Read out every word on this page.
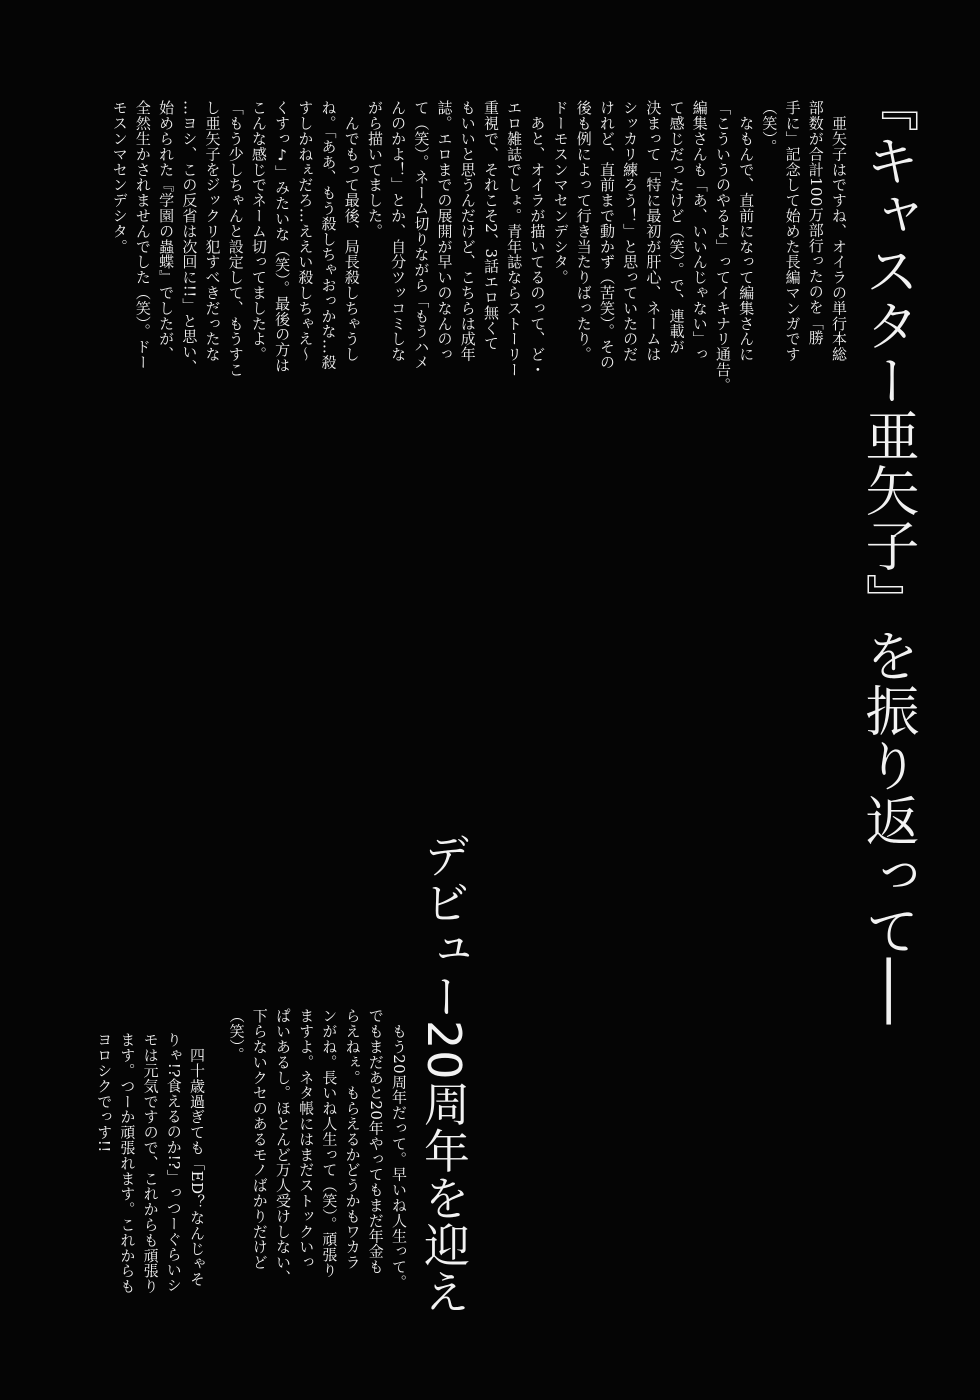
『キャスター亜矢子』を振り返って──
　亜矢子はですね、オイラの単行本総
部数が合計100万部行ったのを「勝
手に」記念して始めた長編マンガです
（笑）。
　なもんで、直前になって編集さんに
「こういうのやるよ」ってイキナリ通告。
編集さんも「あ、いいんじゃない」っ
て感じだったけど（笑）。で、連載が
決まって「特に最初が肝心、ネームは
シッカリ練ろう！」と思っていたのだ
けれど、直前まで動かず（苦笑）。その
後も例によって行き当たりばったり。
ドーモスンマセンデシタ。
　あと、オイラが描いてるのって、ど・
エロ雑誌でしょ。青年誌ならストーリー
重視で、それこそ2、3話エロ無くて
もいいと思うんだけど、こちらは成年
誌。エロまでの展開が早いのなんのっ
て（笑）。ネーム切りながら「もうハメ
んのかよ！」とか、自分ツッコミしな
がら描いてました。
　んでもって最後、局長殺しちゃうし
ね。「ああ、もう殺しちゃおっかな…殺
すしかねぇだろ…ええい殺しちゃえ～
くすっ♪」みたいな（笑）。最後の方は
こんな感じでネーム切ってましたよ。
「もう少しちゃんと設定して、もうすこ
し亜矢子をジックリ犯すべきだったな
…ヨシ、この反省は次回に!!」と思い、
始められた『学園の蟲蝶』でしたが、
全然生かされませんでした（笑）。ドー
モスンマセンデシタ。
デビュー20周年を迎え
　もう20周年だって。早いね人生って。
でもまだあと20年やってもまだ年金も
らえねぇ。もらえるかどうかもワカラ
ンがね。長いね人生って（笑）。頑張り
ますよ。ネタ帳にはまだストックいっ
ぱいあるし。ほとんど万人受けしない、
下らないクセのあるモノばかりだけど
（笑）。
　四十歳過ぎても「ED？なんじゃそ
りゃ!?食えるのか!?」っつーぐらいシ
モは元気ですので、これからも頑張り
ます。つーか頑張れます。これからも
ヨロシクでっす!!
